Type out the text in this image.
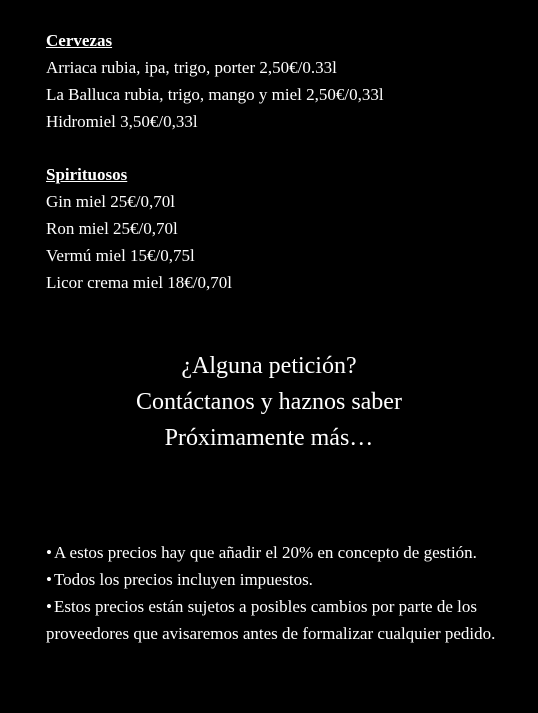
Cervezas

Arriaca rubia, ipa, trigo, porter 2,50€/0.33l

La Balluca rubia, trigo, mango y miel 2,50€/0,33l

Hidromiel 3,50€/0,33l

Spirituosos

Gin miel 25€/0,70l

Ron miel 25€/0,70l

Vermú miel 15€/0,75l

Licor crema miel 18€/0,70l

¿Alguna petición?

Contáctanos y haznos saber

Próximamente más…

• A estos precios hay que añadir el 20% en concepto de gestión.

• Todos los precios incluyen impuestos.

• Estos precios están sujetos a posibles cambios por parte de los proveedores que avisaremos antes de formalizar cualquier pedido.
